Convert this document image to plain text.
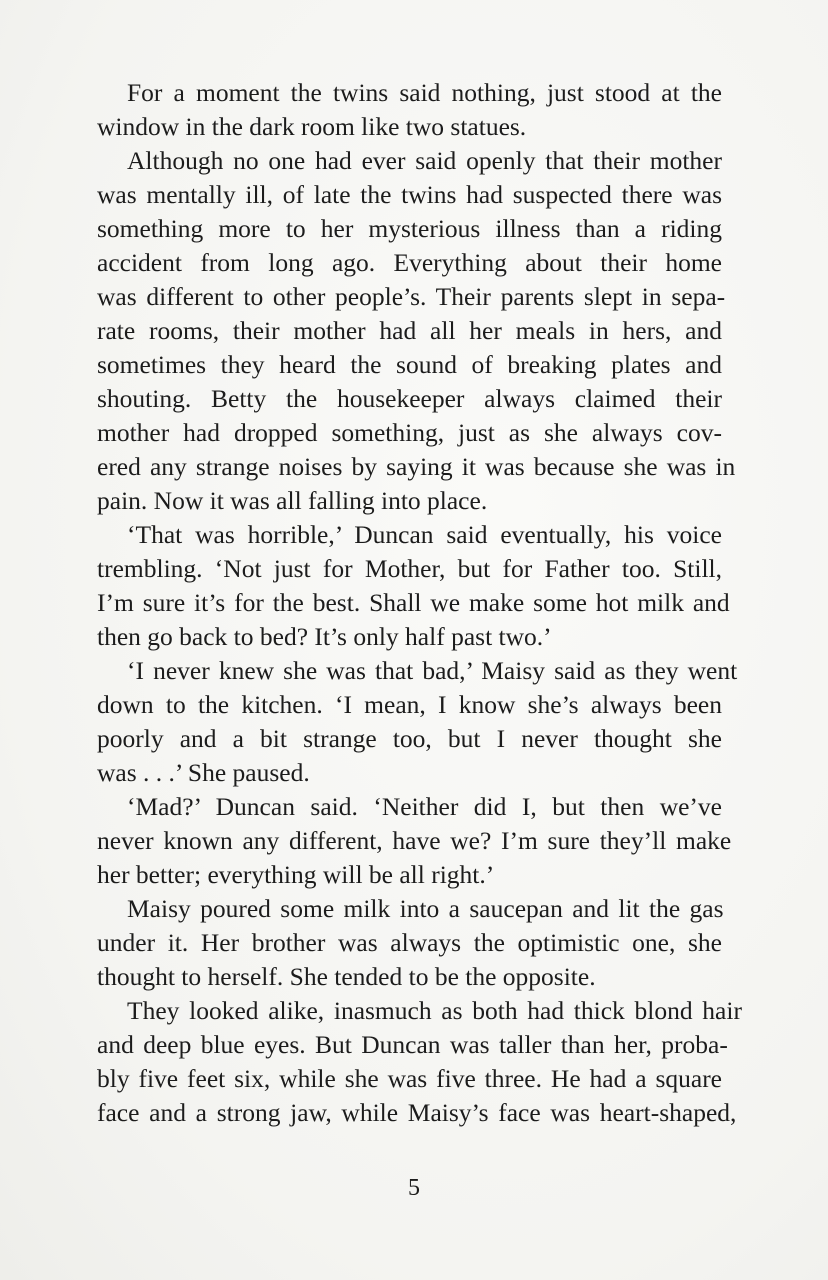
For a moment the twins said nothing, just stood at the
window in the dark room like two statues.
Although no one had ever said openly that their mother
was mentally ill, of late the twins had suspected there was
something more to her mysterious illness than a riding
accident from long ago. Everything about their home
was different to other people’s. Their parents slept in sepa-
rate rooms, their mother had all her meals in hers, and
sometimes they heard the sound of breaking plates and
shouting. Betty the housekeeper always claimed their
mother had dropped something, just as she always cov-
ered any strange noises by saying it was because she was in
pain. Now it was all falling into place.
‘That was horrible,’ Duncan said eventually, his voice
trembling. ‘Not just for Mother, but for Father too. Still,
I’m sure it’s for the best. Shall we make some hot milk and
then go back to bed? It’s only half past two.’
‘I never knew she was that bad,’ Maisy said as they went
down to the kitchen. ‘I mean, I know she’s always been
poorly and a bit strange too, but I never thought she
was . . .’ She paused.
‘Mad?’ Duncan said. ‘Neither did I, but then we’ve
never known any different, have we? I’m sure they’ll make
her better; everything will be all right.’
Maisy poured some milk into a saucepan and lit the gas
under it. Her brother was always the optimistic one, she
thought to herself. She tended to be the opposite.
They looked alike, inasmuch as both had thick blond hair
and deep blue eyes. But Duncan was taller than her, proba-
bly five feet six, while she was five three. He had a square
face and a strong jaw, while Maisy’s face was heart-shaped,
5
